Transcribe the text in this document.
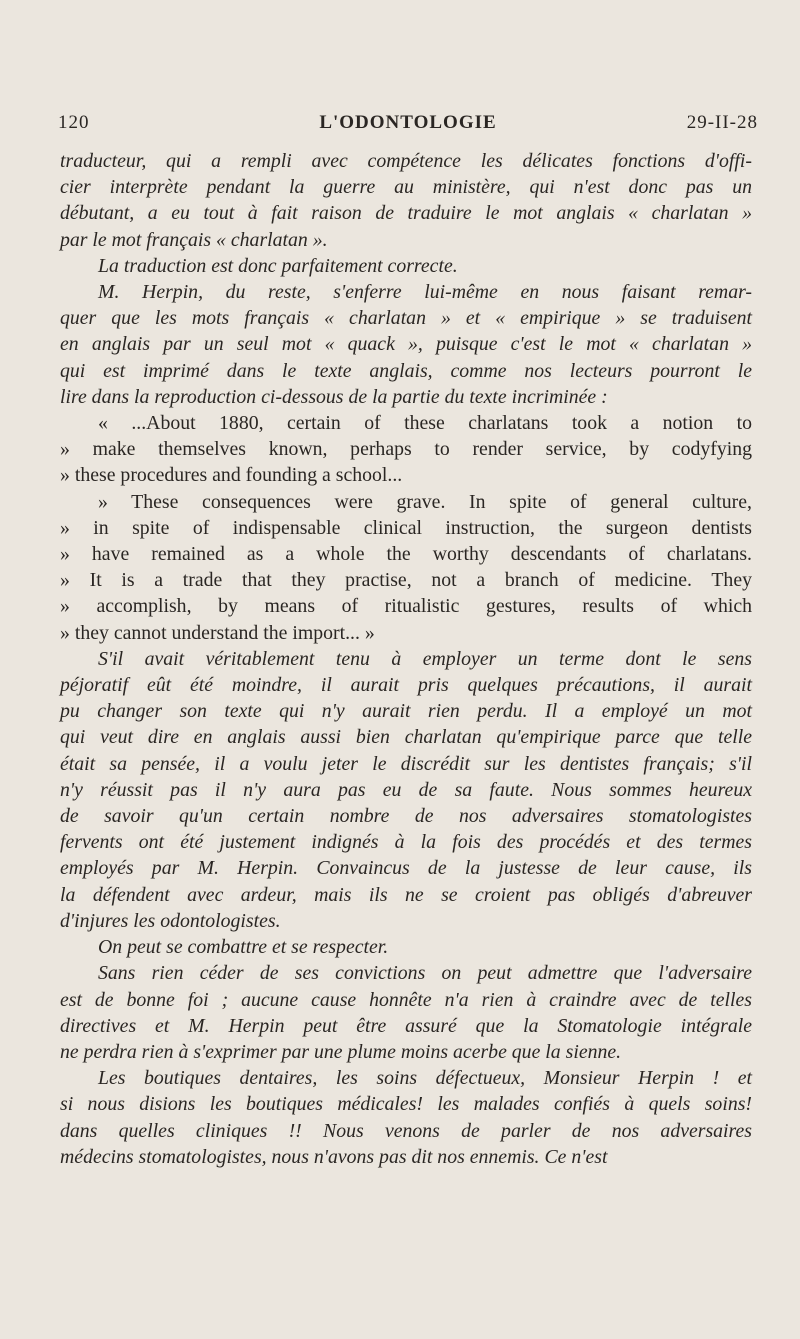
120	L'ODONTOLOGIE	29-II-28
traducteur, qui a rempli avec compétence les délicates fonctions d'offi-
cier interprète pendant la guerre au ministère, qui n'est donc pas un
débutant, a eu tout à fait raison de traduire le mot anglais « charlatan »
par le mot français « charlatan ».
La traduction est donc parfaitement correcte.
M. Herpin, du reste, s'enferre lui-même en nous faisant remar-
quer que les mots français « charlatan » et « empirique » se traduisent
en anglais par un seul mot « quack », puisque c'est le mot « charlatan »
qui est imprimé dans le texte anglais, comme nos lecteurs pourront le
lire dans la reproduction ci-dessous de la partie du texte incriminée :
« ...About 1880, certain of these charlatans took a notion to
» make themselves known, perhaps to render service, by codyfying
» these procedures and founding a school...
» These consequences were grave. In spite of general culture,
» in spite of indispensable clinical instruction, the surgeon dentists
» have remained as a whole the worthy descendants of charlatans.
» It is a trade that they practise, not a branch of medicine. They
» accomplish, by means of ritualistic gestures, results of which
» they cannot understand the import... »
S'il avait véritablement tenu à employer un terme dont le sens
péjoratif eût été moindre, il aurait pris quelques précautions, il aurait
pu changer son texte qui n'y aurait rien perdu. Il a employé un mot
qui veut dire en anglais aussi bien charlatan qu'empirique parce que telle
était sa pensée, il a voulu jeter le discrédit sur les dentistes français; s'il
n'y réussit pas il n'y aura pas eu de sa faute. Nous sommes heureux
de savoir qu'un certain nombre de nos adversaires stomatologistes
fervents ont été justement indignés à la fois des procédés et des termes
employés par M. Herpin. Convaincus de la justesse de leur cause, ils
la défendent avec ardeur, mais ils ne se croient pas obligés d'abreuver
d'injures les odontologistes.
On peut se combattre et se respecter.
Sans rien céder de ses convictions on peut admettre que l'adversaire
est de bonne foi ; aucune cause honnête n'a rien à craindre avec de telles
directives et M. Herpin peut être assuré que la Stomatologie intégrale
ne perdra rien à s'exprimer par une plume moins acerbe que la sienne.
Les boutiques dentaires, les soins défectueux, Monsieur Herpin ! et
si nous disions les boutiques médicales! les malades confiés à quels soins!
dans quelles cliniques !! Nous venons de parler de nos adversaires
médecins stomatologistes, nous n'avons pas dit nos ennemis. Ce n'est
